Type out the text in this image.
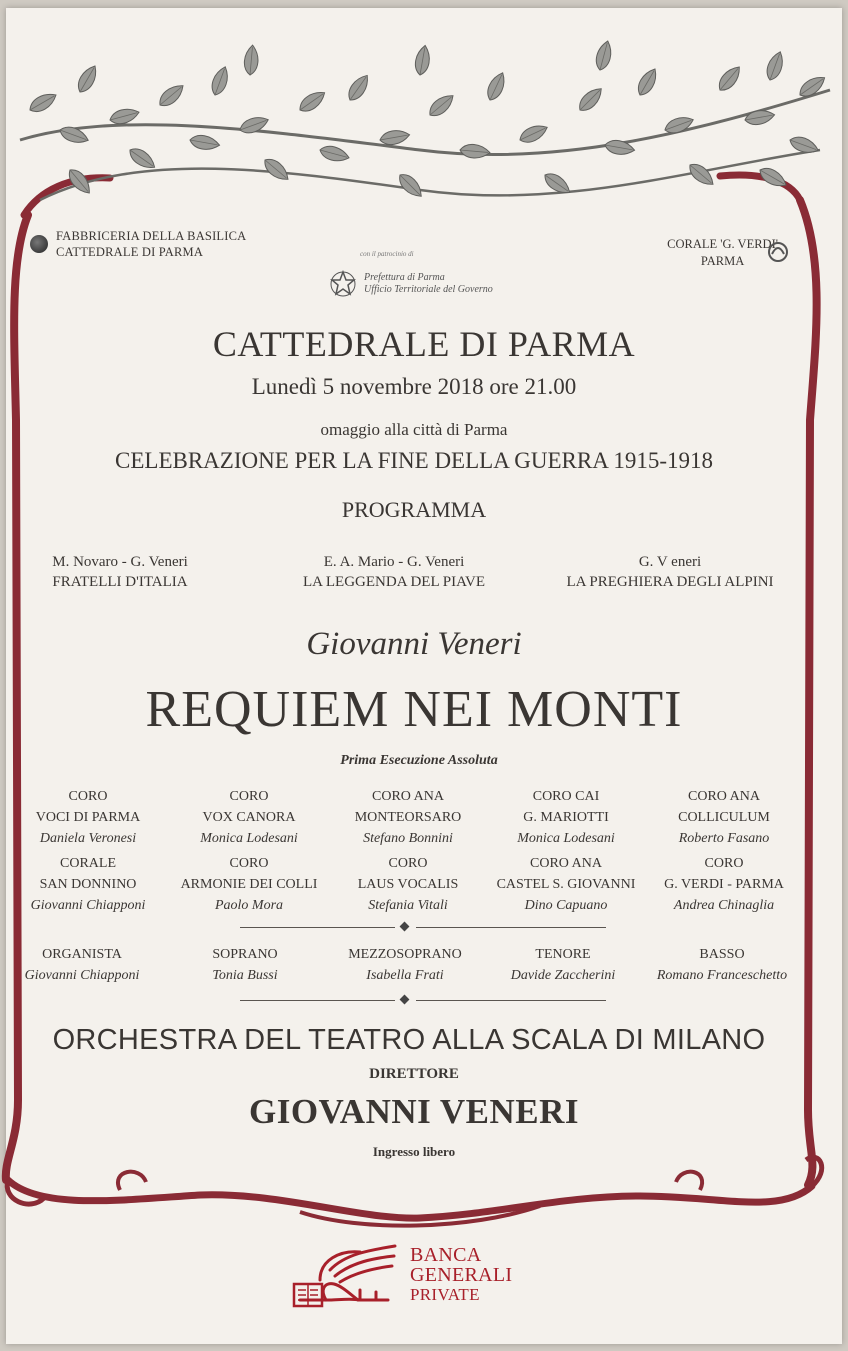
FABBRICERIA DELLA BASILICA
CATTEDRALE DI PARMA
CORALE 'G. VERDI'
PARMA
con il patrocinio di
Prefettura di Parma
Ufficio Territoriale del Governo
CATTEDRALE DI PARMA
Lunedì 5 novembre 2018 ore 21.00
omaggio alla città di Parma
CELEBRAZIONE PER LA FINE DELLA GUERRA 1915-1918
PROGRAMMA
M. Novaro - G. Veneri
FRATELLI D'ITALIA
E. A. Mario - G. Veneri
LA LEGGENDA DEL PIAVE
G. V eneri
LA PREGHIERA DEGLI ALPINI
Giovanni Veneri
REQUIEM NEI MONTI
Prima Esecuzione Assoluta
CORO
VOCI DI PARMA
Daniela Veronesi
CORO
VOX CANORA
Monica Lodesani
CORO ANA
MONTEORSARO
Stefano Bonnini
CORO CAI
G. MARIOTTI
Monica Lodesani
CORO ANA
COLLICULUM
Roberto Fasano
CORALE
SAN DONNINO
Giovanni Chiapponi
CORO
ARMONIE DEI COLLI
Paolo Mora
CORO
LAUS VOCALIS
Stefania Vitali
CORO ANA
CASTEL S. GIOVANNI
Dino Capuano
CORO
G. VERDI - PARMA
Andrea Chinaglia
ORGANISTA
Giovanni Chiapponi
SOPRANO
Tonia Bussi
MEZZOSOPRANO
Isabella Frati
TENORE
Davide Zaccherini
BASSO
Romano Franceschetto
ORCHESTRA DEL TEATRO ALLA SCALA DI MILANO
DIRETTORE
GIOVANNI VENERI
Ingresso libero
BANCA
GENERALI
PRIVATE
